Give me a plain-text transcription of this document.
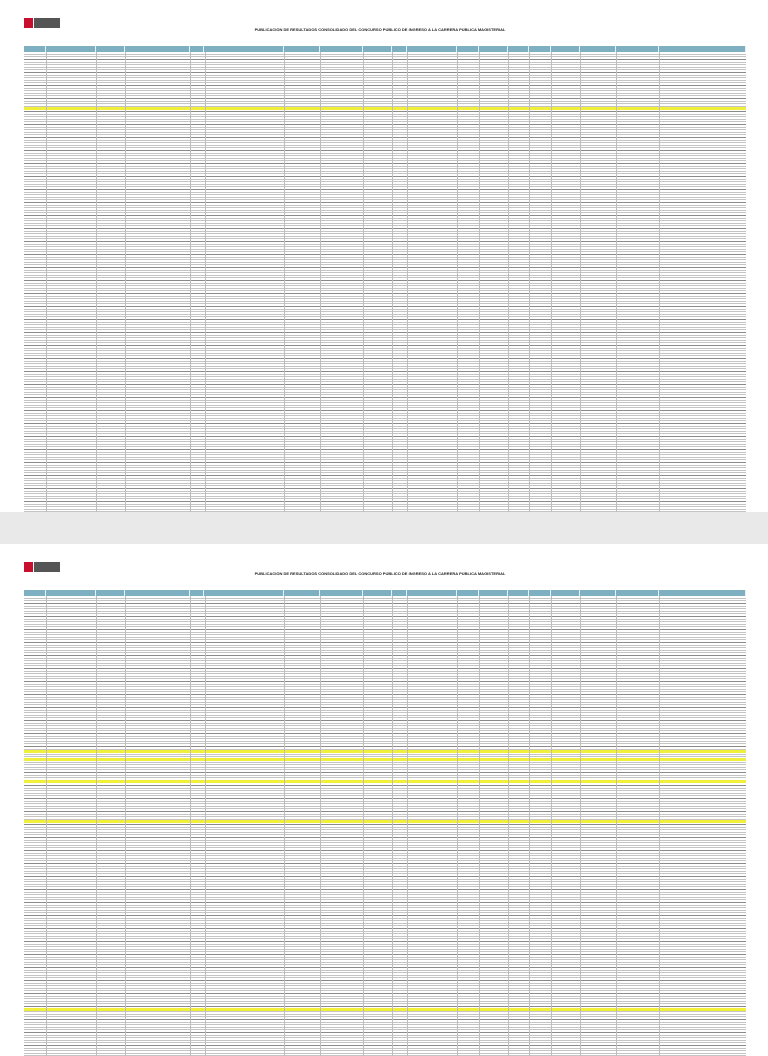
PUBLICACIÓN DE RESULTADOS CONSOLIDADO DEL CONCURSO PÚBLICO DE INGRESO A LA CARRERA PÚBLICA MAGISTERIAL
PUBLICACIÓN DE RESULTADOS CONSOLIDADO DEL CONCURSO PÚBLICO DE INGRESO A LA CARRERA PÚBLICA MAGISTERIAL
